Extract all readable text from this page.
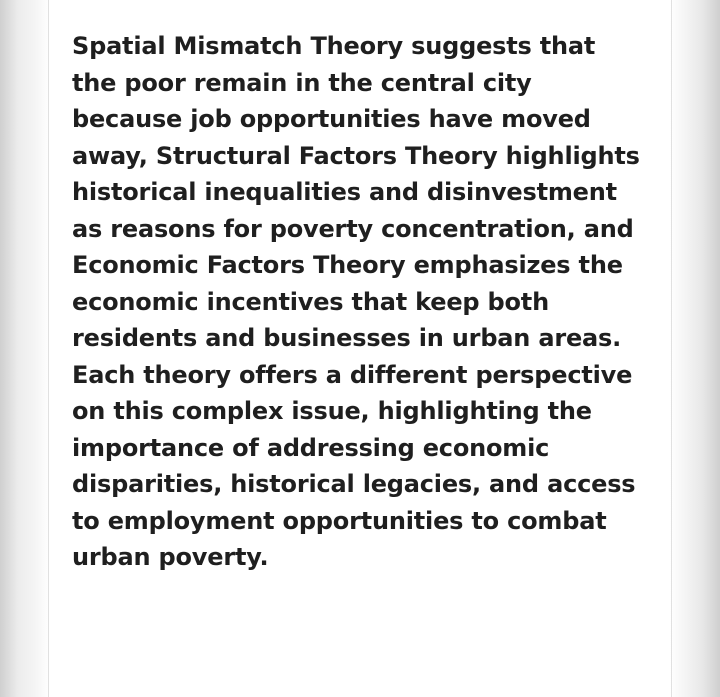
Spatial Mismatch Theory suggests that
the poor remain in the central city
because job opportunities have moved
away, Structural Factors Theory highlights
historical inequalities and disinvestment
as reasons for poverty concentration, and
Economic Factors Theory emphasizes the
economic incentives that keep both
residents and businesses in urban areas.
Each theory offers a different perspective
on this complex issue, highlighting the
importance of addressing economic
disparities, historical legacies, and access
to employment opportunities to combat
urban poverty.
